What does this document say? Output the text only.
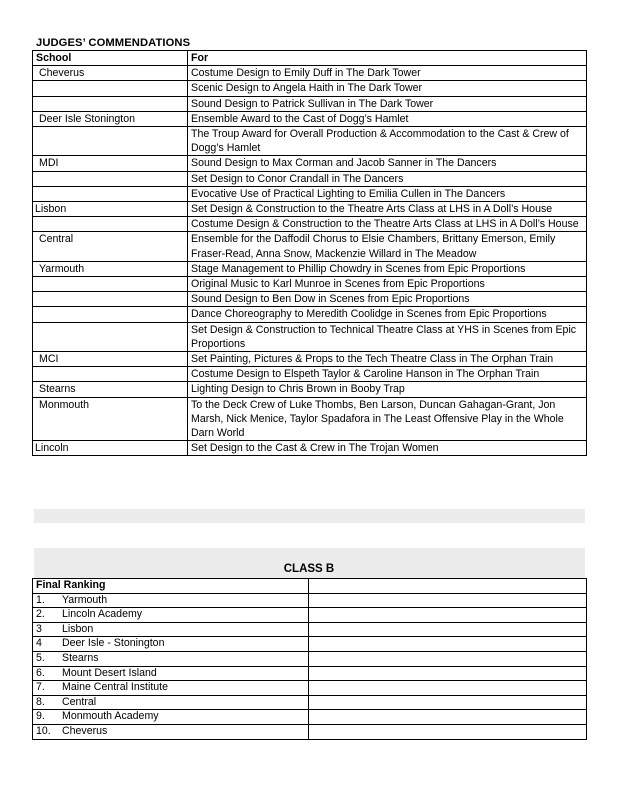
JUDGES’ COMMENDATIONS
School	For
Cheverus	Costume Design to Emily Duff in The Dark Tower
	Scenic Design to Angela Haith in The Dark Tower
	Sound Design to Patrick Sullivan in The Dark Tower
Deer Isle Stonington	Ensemble Award to the Cast of Dogg’s Hamlet
	The Troup Award for Overall Production & Accommodation to the Cast & Crew of Dogg’s Hamlet
MDI	Sound Design to Max Corman and Jacob Sanner in The Dancers
	Set Design to Conor Crandall in The Dancers
	Evocative Use of Practical Lighting to Emilia Cullen in The Dancers
Lisbon	Set Design & Construction to the Theatre Arts Class at LHS in A Doll’s House
	Costume Design & Construction to the Theatre Arts Class at LHS in A Doll’s House
Central	Ensemble for the Daffodil Chorus to Elsie Chambers, Brittany Emerson, Emily Fraser-Read, Anna Snow, Mackenzie Willard in The Meadow
Yarmouth	Stage Management to Phillip Chowdry in Scenes from Epic Proportions
	Original Music to Karl Munroe in Scenes from Epic Proportions
	Sound Design to Ben Dow in Scenes from Epic Proportions
	Dance Choreography to Meredith Coolidge in Scenes from Epic Proportions
	Set Design & Construction to Technical Theatre Class at YHS in Scenes from Epic Proportions
MCI	Set Painting, Pictures & Props to the Tech Theatre Class in The Orphan Train
	Costume Design to Elspeth Taylor & Caroline Hanson in The Orphan Train
Stearns	Lighting Design to Chris Brown in Booby Trap
Monmouth	To the Deck Crew of Luke Thombs, Ben Larson, Duncan Gahagan-Grant, Jon Marsh, Nick Menice, Taylor Spadafora in The Least Offensive Play in the Whole Darn World
Lincoln	Set Design to the Cast & Crew in The Trojan Women
CLASS B
Final Ranking	
1. Yarmouth	
2. Lincoln Academy	
3 Lisbon	
4 Deer Isle - Stonington	
5. Stearns	
6. Mount Desert Island	
7. Maine Central Institute	
8. Central	
9. Monmouth Academy	
10. Cheverus	
